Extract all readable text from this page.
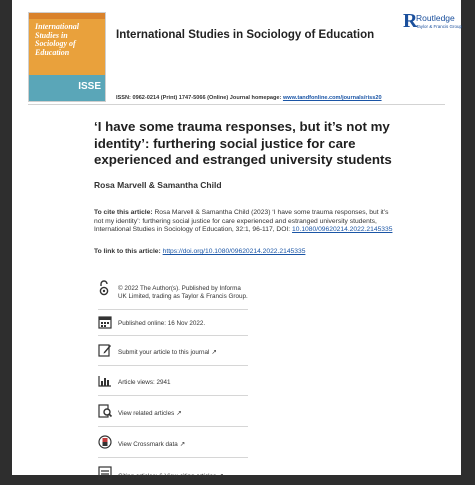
International Studies in Sociology of Education
ISSE
International Studies in Sociology of Education
R
Routledge
Taylor & Francis Group
ISSN: 0962-0214 (Print) 1747-5066 (Online) Journal homepage: www.tandfonline.com/journals/riss20
‘I have some trauma responses, but it’s not my identity’: furthering social justice for care experienced and estranged university students
Rosa Marvell & Samantha Child
To cite this article: Rosa Marvell & Samantha Child (2023) ‘I have some trauma responses, but it’s not my identity’: furthering social justice for care experienced and estranged university students, International Studies in Sociology of Education, 32:1, 96-117, DOI: 10.1080/09620214.2022.2145335
To link to this article: https://doi.org/10.1080/09620214.2022.2145335
© 2022 The Author(s). Published by Informa UK Limited, trading as Taylor & Francis Group.
Published online: 16 Nov 2022.
Submit your article to this journal ↗
Article views: 2941
View related articles ↗
View Crossmark data ↗
Citing articles: 6 View citing articles ↗
